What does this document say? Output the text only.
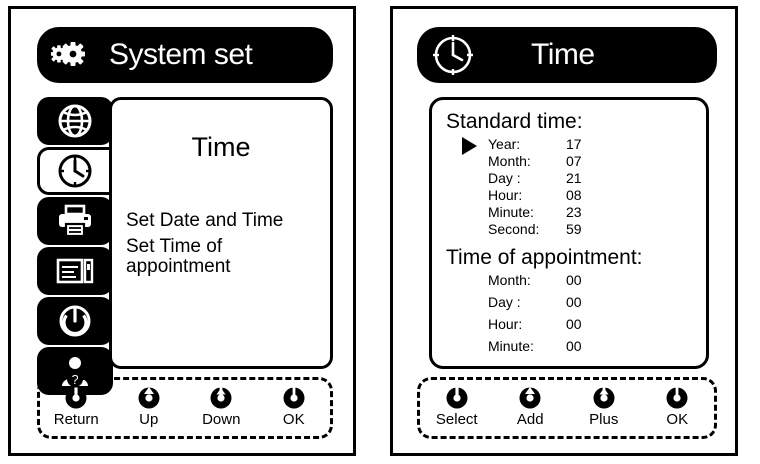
System set
?
Time
Set Date and Time
Set Time of appointment
Return	Up	Down	OK
Time
Standard time:
Year:	17
Month:	07
Day :	21
Hour:	08
Minute:	23
Second:	59
Time of appointment:
Month:	00
Day :	00
Hour:	00
Minute:	00
Select	Add	Plus	OK
